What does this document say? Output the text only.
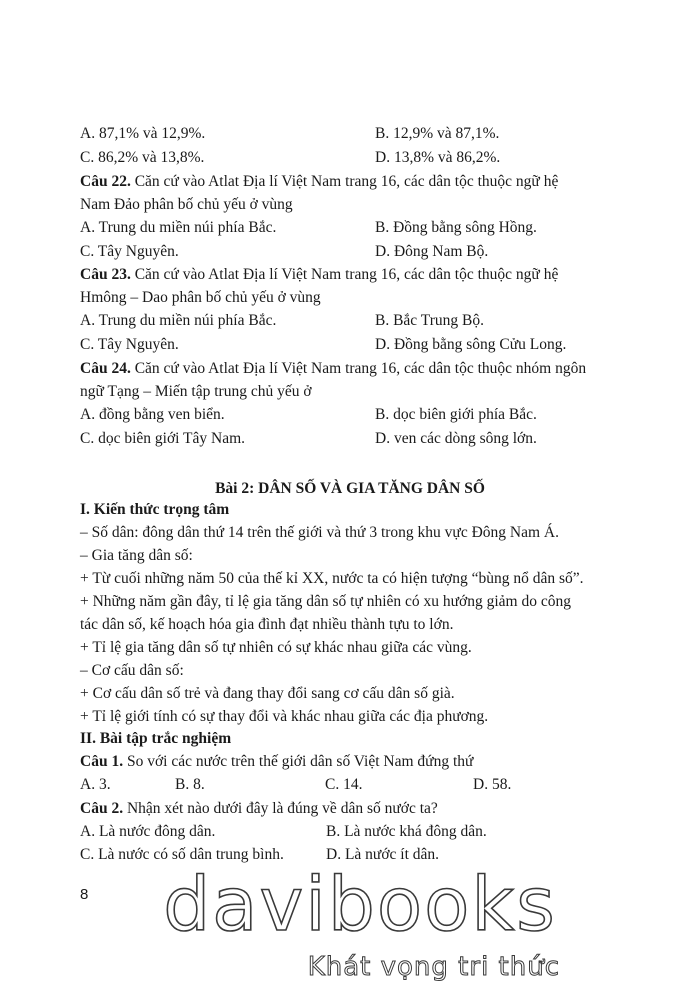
A. 87,1% và 12,9%.	B. 12,9% và 87,1%.
C. 86,2% và 13,8%.	D. 13,8% và 86,2%.
Câu 22. Căn cứ vào Atlat Địa lí Việt Nam trang 16, các dân tộc thuộc ngữ hệ
Nam Đảo phân bố chủ yếu ở vùng
A. Trung du miền núi phía Bắc.	B. Đồng bằng sông Hồng.
C. Tây Nguyên.	D. Đông Nam Bộ.
Câu 23. Căn cứ vào Atlat Địa lí Việt Nam trang 16, các dân tộc thuộc ngữ hệ
Hmông – Dao phân bố chủ yếu ở vùng
A. Trung du miền núi phía Bắc.	B. Bắc Trung Bộ.
C. Tây Nguyên.	D. Đồng bằng sông Cửu Long.
Câu 24. Căn cứ vào Atlat Địa lí Việt Nam trang 16, các dân tộc thuộc nhóm ngôn
ngữ Tạng – Miến tập trung chủ yếu ở
A. đồng bằng ven biển.	B. dọc biên giới phía Bắc.
C. dọc biên giới Tây Nam.	D. ven các dòng sông lớn.
Bài 2: DÂN SỐ VÀ GIA TĂNG DÂN SỐ
I. Kiến thức trọng tâm
– Số dân: đông dân thứ 14 trên thế giới và thứ 3 trong khu vực Đông Nam Á.
– Gia tăng dân số:
+ Từ cuối những năm 50 của thế kỉ XX, nước ta có hiện tượng “bùng nổ dân số”.
+ Những năm gần đây, tỉ lệ gia tăng dân số tự nhiên có xu hướng giảm do công
tác dân số, kế hoạch hóa gia đình đạt nhiều thành tựu to lớn.
+ Tỉ lệ gia tăng dân số tự nhiên có sự khác nhau giữa các vùng.
– Cơ cấu dân số:
+ Cơ cấu dân số trẻ và đang thay đổi sang cơ cấu dân số già.
+ Tỉ lệ giới tính có sự thay đổi và khác nhau giữa các địa phương.
II. Bài tập trắc nghiệm
Câu 1. So với các nước trên thế giới dân số Việt Nam đứng thứ
A. 3.	B. 8.	C. 14.	D. 58.
Câu 2. Nhận xét nào dưới đây là đúng về dân số nước ta?
A. Là nước đông dân.	B. Là nước khá đông dân.
C. Là nước có số dân trung bình.	D. Là nước ít dân.
8 davibooks
Khát vọng tri thức
